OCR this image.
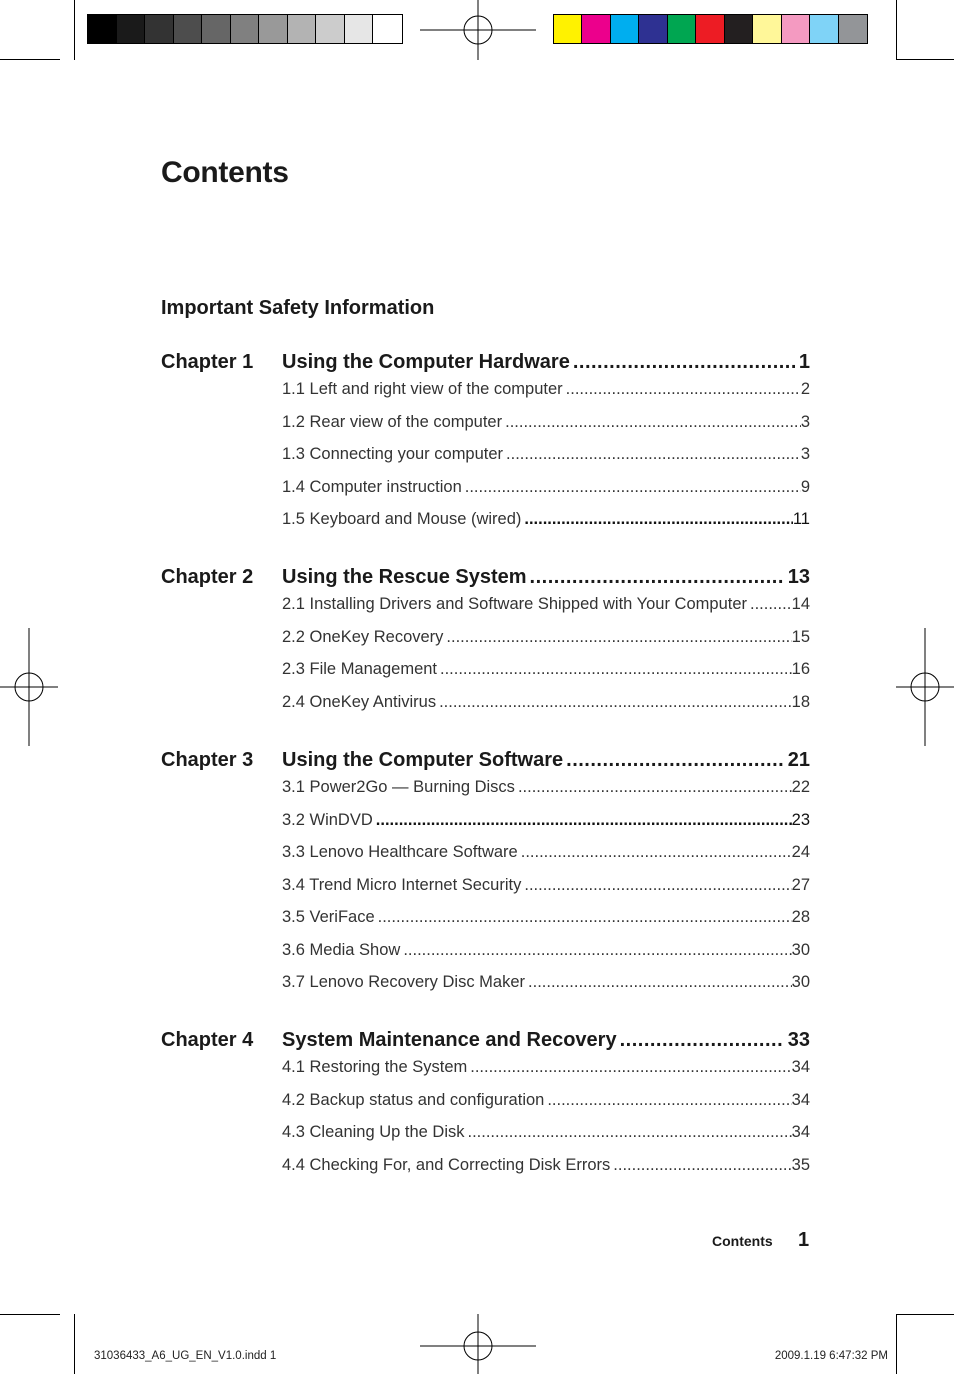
Contents
Important Safety Information
Chapter 1	Using the Computer Hardware .....	1
1.1 Left and right view of the computer .....	2
1.2 Rear view of the computer .....	3
1.3 Connecting your computer .....	3
1.4 Computer instruction .....	9
1.5 Keyboard and Mouse (wired) .....	11
Chapter 2	Using the Rescue System .....	13
2.1 Installing Drivers and Software Shipped with Your Computer .....	14
2.2 OneKey Recovery .....	15
2.3 File Management .....	16
2.4 OneKey Antivirus .....	18
Chapter 3	Using the Computer Software .....	21
3.1 Power2Go — Burning Discs .....	22
3.2 WinDVD .....	23
3.3 Lenovo Healthcare Software .....	24
3.4 Trend Micro Internet Security .....	27
3.5 VeriFace .....	28
3.6 Media Show .....	30
3.7 Lenovo Recovery Disc Maker .....	30
Chapter 4	System Maintenance and Recovery .....	33
4.1 Restoring the System .....	34
4.2 Backup status and configuration .....	34
4.3 Cleaning Up the Disk .....	34
4.4 Checking For, and Correcting Disk Errors .....	35
Contents 1
31036433_A6_UG_EN_V1.0.indd 1	2009.1.19 6:47:32 PM
